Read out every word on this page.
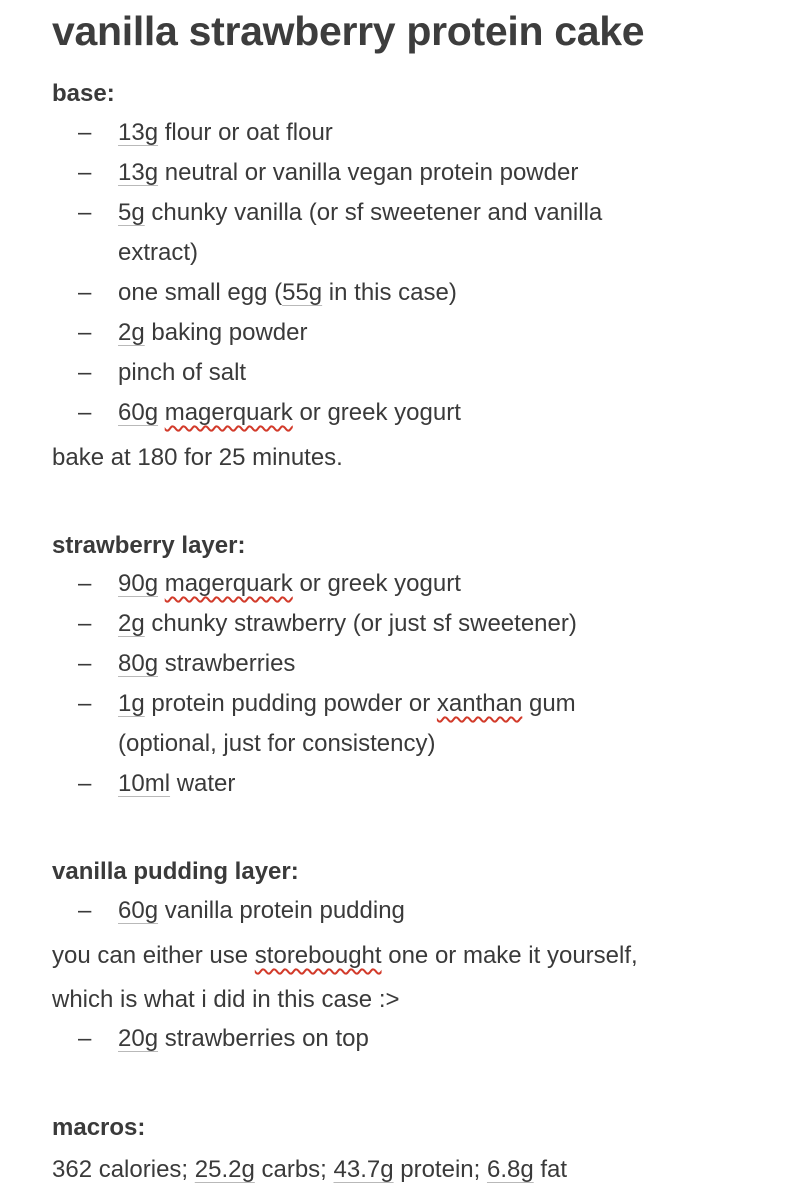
vanilla strawberry protein cake
base:
– 13g flour or oat flour
– 13g neutral or vanilla vegan protein powder
– 5g chunky vanilla (or sf sweetener and vanilla extract)
– one small egg (55g in this case)
– 2g baking powder
– pinch of salt
– 60g magerquark or greek yogurt
bake at 180 for 25 minutes.
strawberry layer:
– 90g magerquark or greek yogurt
– 2g chunky strawberry (or just sf sweetener)
– 80g strawberries
– 1g protein pudding powder or xanthan gum (optional, just for consistency)
– 10ml water
vanilla pudding layer:
– 60g vanilla protein pudding
you can either use storebought one or make it yourself,
which is what i did in this case :>
– 20g strawberries on top
macros:
362 calories; 25.2g carbs; 43.7g protein; 6.8g fat
